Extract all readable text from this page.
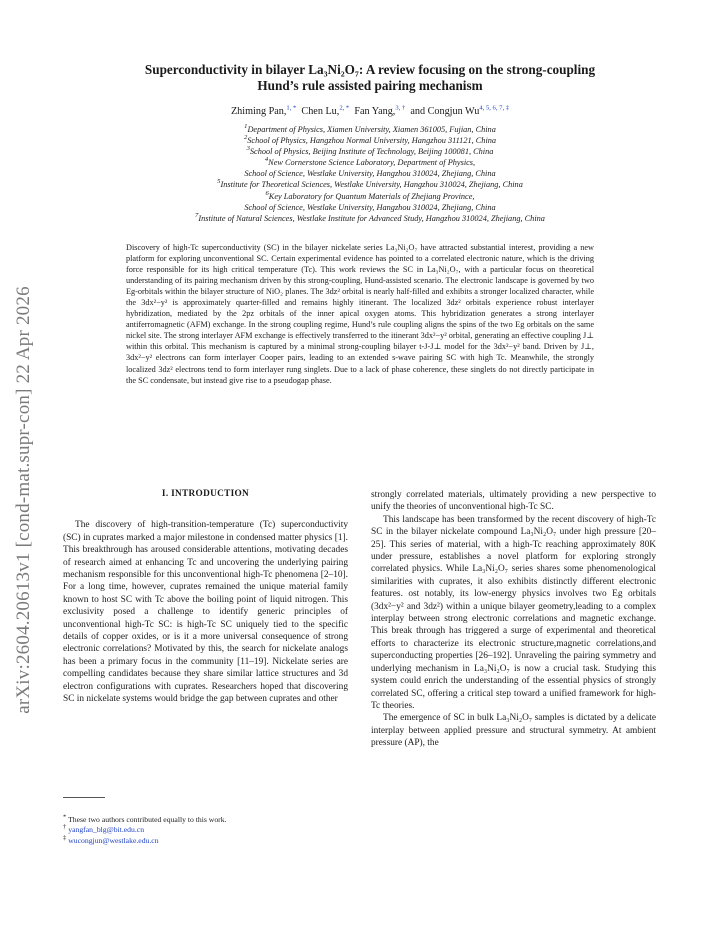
arXiv:2604.20613v1 [cond-mat.supr-con] 22 Apr 2026
Superconductivity in bilayer La₃Ni₂O₇: A review focusing on the strong-coupling
Hund’s rule assisted pairing mechanism
Zhiming Pan,$^{1, *}$ Chen Lu,$^{2, *}$ Fan Yang,$^{3, \dagger}$ and Congjun $Wu^{4, 5, 6, 7, \ddagger}$
$^1$Department of Physics, Xiamen University, Xiamen 361005, Fujian, China
$^2$School of Physics, Hangzhou Normal University, Hangzhou 311121, China
$^3$School of Physics, Beijing Institute of Technology, Beijing 100081, China
$^4$New Cornerstone Science Laboratory, Department of Physics,
School of Science, Westlake University, Hangzhou 310024, Zhejiang, China
$^5$Institute for Theoretical Sciences, Westlake University, Hangzhou 310024, Zhejiang, China
$^6$Key Laboratory for Quantum Materials of Zhejiang Province,
School of Science, Westlake University, Hangzhou 310024, Zhejiang, China
$^7$Institute of Natural Sciences, Westlake Institute for Advanced Study, Hangzhou 310024, Zhejiang, China
Discovery of high-Tc superconductivity (SC) in the bilayer nickelate series La₃Ni₂O₇ have attracted substantial interest, providing a new platform for exploring unconventional SC. Certain experimental evidence has pointed to a correlated electronic nature, which is the driving force responsible for its high critical temperature (Tc). This work reviews the SC in La₃Ni₂O₇, with a particular focus on theoretical understanding of its pairing mechanism driven by this strong-coupling, Hund-assisted scenario. The electronic landscape is governed by two Eg-orbitals within the bilayer structure of NiO₂ planes. The 3dz² orbital is nearly half-filled and exhibits a stronger localized character, while the 3dx²−y² is approximately quarter-filled and remains highly itinerant. The localized 3dz² orbitals experience robust interlayer hybridization, mediated by the 2pz orbitals of the inner apical oxygen atoms. This hybridization generates a strong interlayer antiferromagnetic (AFM) exchange. In the strong coupling regime, Hund’s rule coupling aligns the spins of the two Eg orbitals on the same nickel site. The strong interlayer AFM exchange is effectively transferred to the itinerant 3dx²−y² orbital, generating an effective coupling J⊥ within this orbital. This mechanism is captured by a minimal strong-coupling bilayer t-J-J⊥ model for the 3dx²−y² band. Driven by J⊥, 3dx²−y² electrons can form interlayer Cooper pairs, leading to an extended s-wave pairing SC with high Tc. Meanwhile, the strongly localized 3dz² electrons tend to form interlayer rung singlets. Due to a lack of phase coherence, these singlets do not directly participate in the SC condensate, but instead give rise to a pseudogap phase.
I. INTRODUCTION

The discovery of high-transition-temperature (Tc) superconductivity (SC) in cuprates marked a major milestone in condensed matter physics [1]. This breakthrough has aroused considerable attentions, motivating decades of research aimed at enhancing Tc and uncovering the underlying pairing mechanism responsible for this unconventional high-Tc phenomena [2–10]. For a long time, however, cuprates remained the unique material family known to host SC with Tc above the boiling point of liquid nitrogen. This exclusivity posed a challenge to identify generic principles of unconventional high-Tc SC: is high-Tc SC uniquely tied to the specific details of copper oxides, or is it a more universal consequence of strong electronic correlations? Motivated by this, the search for nickelate analogs has been a primary focus in the community [11–19]. Nickelate series are compelling candidates because they share similar lattice structures and 3d electron configurations with cuprates. Researchers hoped that discovering SC in nickelate systems would bridge the gap between cuprates and other

strongly correlated materials, ultimately providing a new perspective to unify the theories of unconventional high-Tc SC.

This landscape has been transformed by the recent discovery of high-Tc SC in the bilayer nickelate compound La₃Ni₂O₇ under high pressure [20–25]. This series of material, with a high-Tc reaching approximately 80K under pressure, establishes a novel platform for exploring strongly correlated physics. While La₃Ni₂O₇ series shares some phenomenological similarities with cuprates, it also exhibits distinctly different electronic features. ost notably, its low-energy physics involves two Eg orbitals (3dx²−y² and 3dz²) within a unique bilayer geometry,leading to a complex interplay between strong electronic correlations and magnetic exchange. This break through has triggered a surge of experimental and theoretical efforts to characterize its electronic structure,magnetic correlations,and superconducting properties [26–192]. Unraveling the pairing symmetry and underlying mechanism in La₃Ni₂O₇ is now a crucial task. Studying this system could enrich the understanding of the essential physics of strongly correlated SC, offering a critical step toward a unified framework for high-Tc theories.

The emergence of SC in bulk La₃Ni₂O₇ samples is dictated by a delicate interplay between applied pressure and structural symmetry. At ambient pressure (AP), the

* These two authors contributed equally to this work.
† yangfan_blg@bit.edu.cn
‡ wucongjun@westlake.edu.cn
